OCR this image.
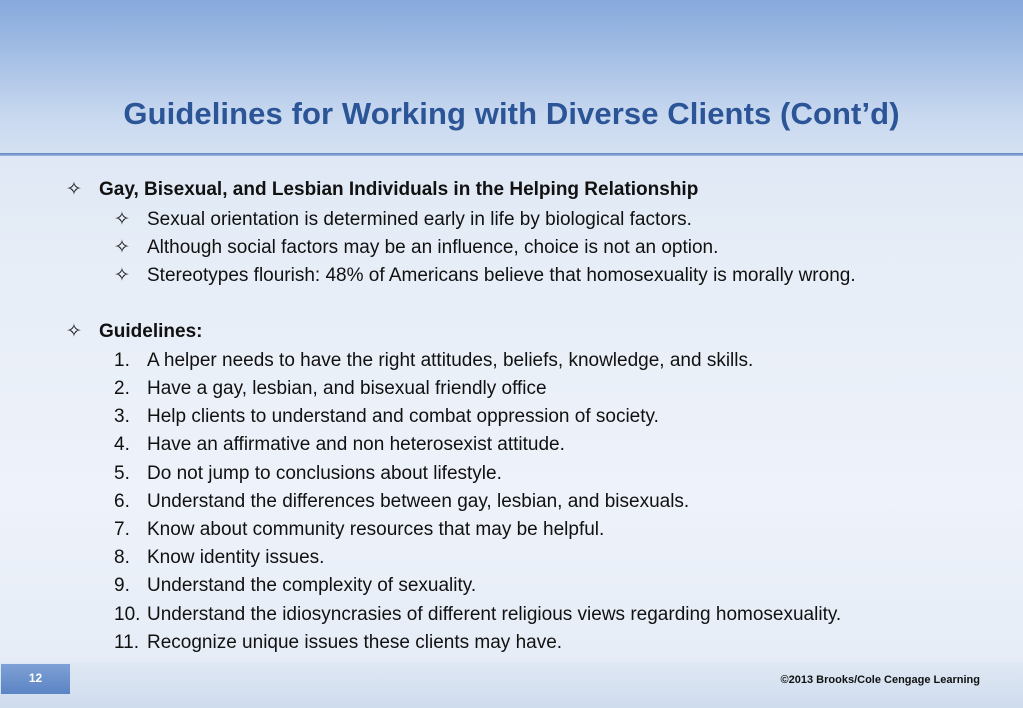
Guidelines for Working with Diverse Clients (Cont’d)
✧ Gay, Bisexual, and Lesbian Individuals in the Helping Relationship
✧ Sexual orientation is determined early in life by biological factors.
✧ Although social factors may be an influence, choice is not an option.
✧ Stereotypes flourish: 48% of Americans believe that homosexuality is morally wrong.
✧ Guidelines:
1. A helper needs to have the right attitudes, beliefs, knowledge, and skills.
2. Have a gay, lesbian, and bisexual friendly office
3. Help clients to understand and combat oppression of society.
4. Have an affirmative and non heterosexist attitude.
5. Do not jump to conclusions about lifestyle.
6. Understand the differences between gay, lesbian, and bisexuals.
7. Know about community resources that may be helpful.
8. Know identity issues.
9. Understand the complexity of sexuality.
10. Understand the idiosyncrasies of different religious views regarding homosexuality.
11. Recognize unique issues these clients may have.
12	©2013 Brooks/Cole Cengage Learning
